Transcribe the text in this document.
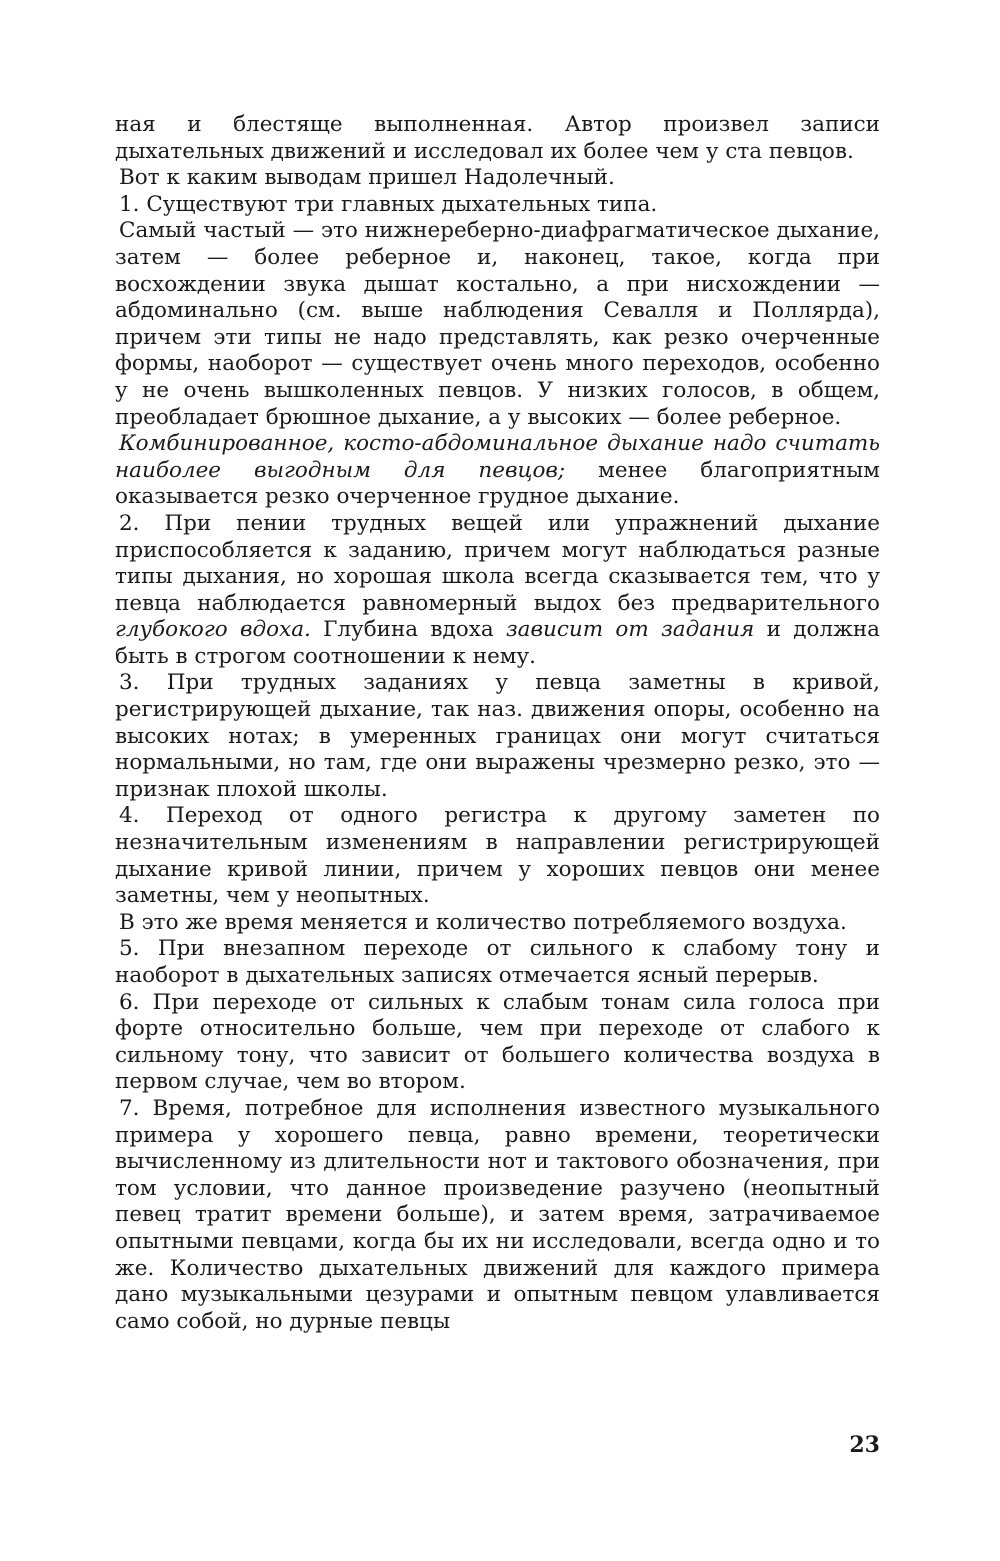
ная и блестяще выполненная. Автор произвел записи дыхательных движений и исследовал их более чем у ста певцов.

Вот к каким выводам пришел Надолечный.

1. Существуют три главных дыхательных типа.

Самый частый — это нижнереберно-диафрагматическое дыхание, затем — более реберное и, наконец, такое, когда при восхождении звука дышат костально, а при нисхождении — абдоминально (см. выше наблюдения Севалля и Поллярда), причем эти типы не надо представлять, как резко очерченные формы, наоборот — существует очень много переходов, особенно у не очень вышколенных певцов. У низких голосов, в общем, преобладает брюшное дыхание, а у высоких — более реберное.

Комбинированное, косто-абдоминальное дыхание надо считать наиболее выгодным для певцов; менее благоприятным оказывается резко очерченное грудное дыхание.

2. При пении трудных вещей или упражнений дыхание приспособляется к заданию, причем могут наблюдаться разные типы дыхания, но хорошая школа всегда сказывается тем, что у певца наблюдается равномерный выдох без предварительного глубокого вдоха. Глубина вдоха зависит от задания и должна быть в строгом соотношении к нему.

3. При трудных заданиях у певца заметны в кривой, регистрирующей дыхание, так наз. движения опоры, особенно на высоких нотах; в умеренных границах они могут считаться нормальными, но там, где они выражены чрезмерно резко, это — признак плохой школы.

4. Переход от одного регистра к другому заметен по незначительным изменениям в направлении регистрирующей дыхание кривой линии, причем у хороших певцов они менее заметны, чем у неопытных.

В это же время меняется и количество потребляемого воздуха.

5. При внезапном переходе от сильного к слабому тону и наоборот в дыхательных записях отмечается ясный перерыв.

6. При переходе от сильных к слабым тонам сила голоса при форте относительно больше, чем при переходе от слабого к сильному тону, что зависит от большего количества воздуха в первом случае, чем во втором.

7. Время, потребное для исполнения известного музыкального примера у хорошего певца, равно времени, теоретически вычисленному из длительности нот и тактового обозначения, при том условии, что данное произведение разучено (неопытный певец тратит времени больше), и затем время, затрачиваемое опытными певцами, когда бы их ни исследовали, всегда одно и то же. Количество дыхательных движений для каждого примера дано музыкальными цезурами и опытным певцом улавливается само собой, но дурные певцы

23
